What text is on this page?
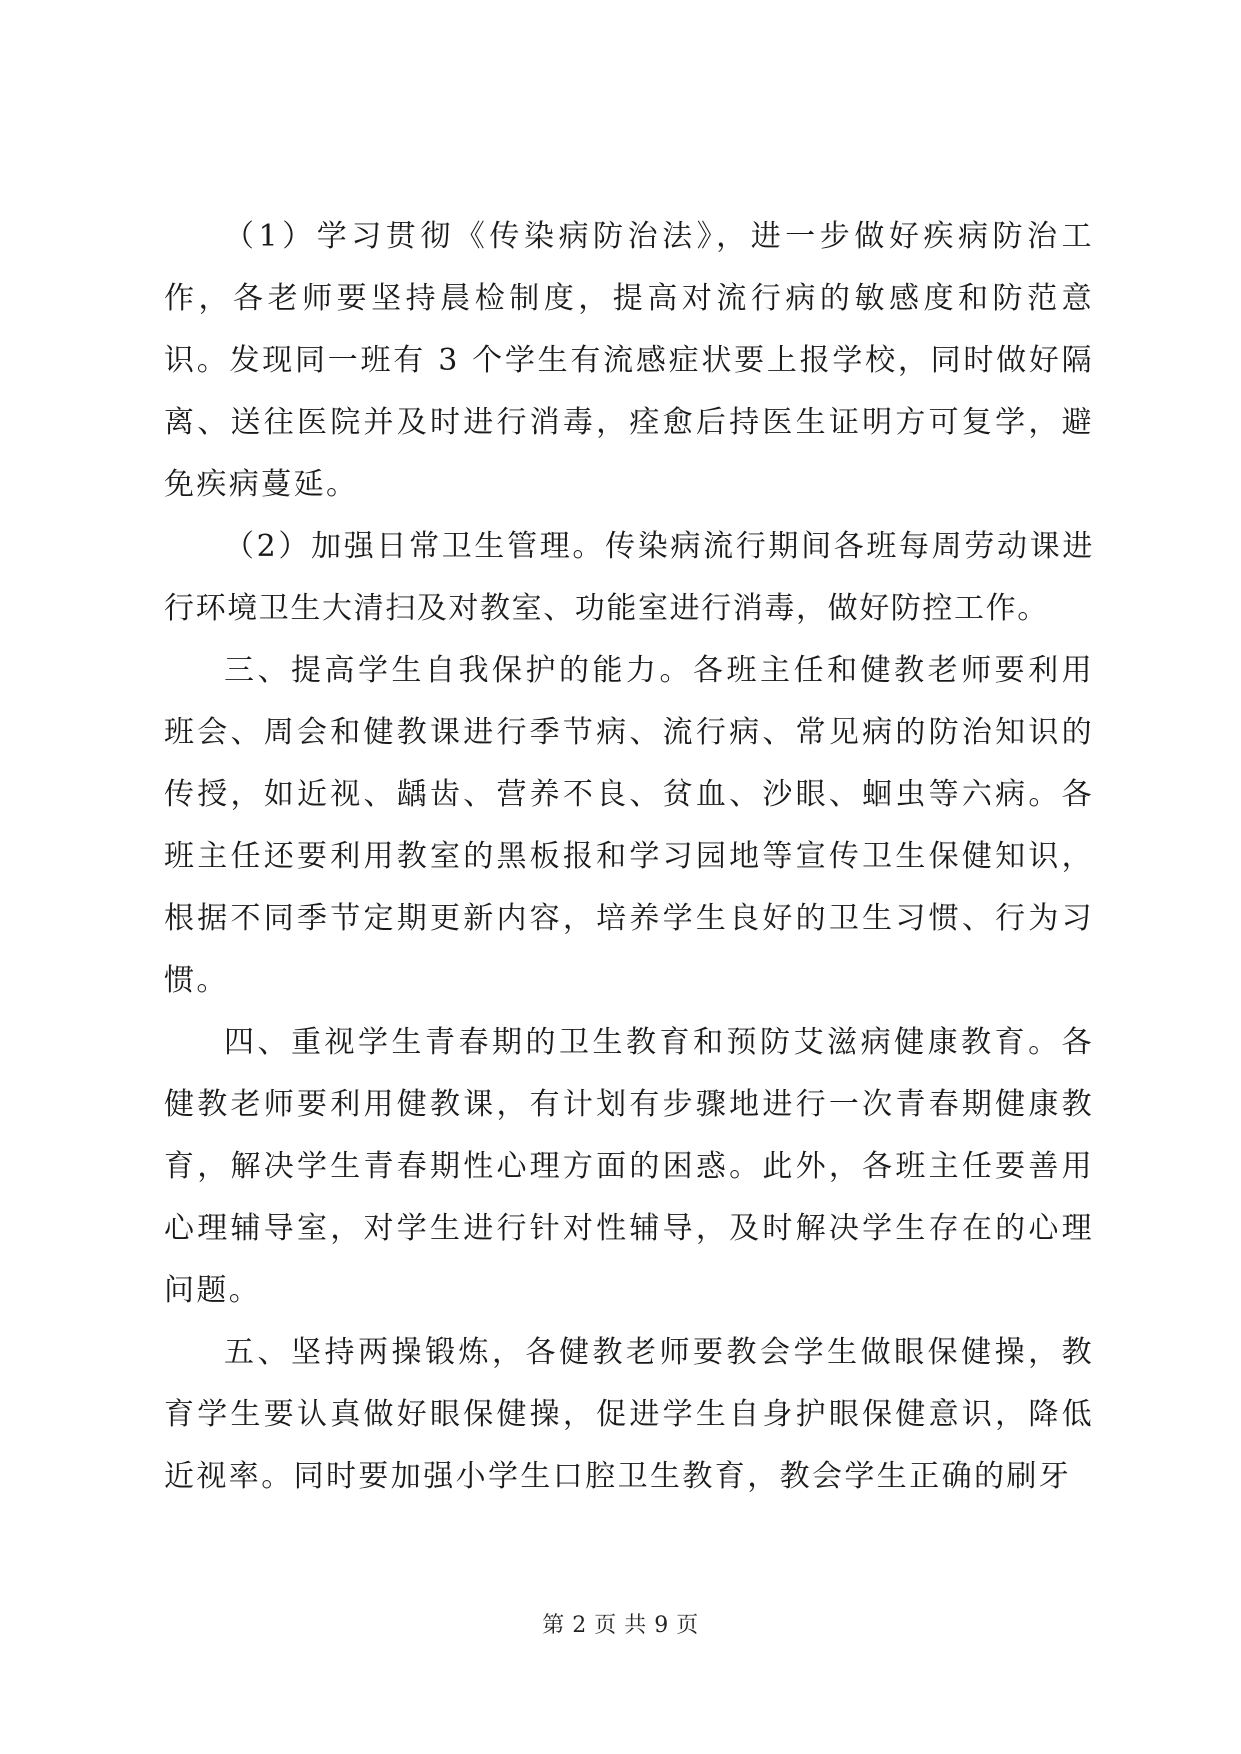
（1）学习贯彻《传染病防治法》，进一步做好疾病防治工作，各老师要坚持晨检制度，提高对流行病的敏感度和防范意识。发现同一班有 3 个学生有流感症状要上报学校，同时做好隔离、送往医院并及时进行消毒，痊愈后持医生证明方可复学，避免疾病蔓延。

（2）加强日常卫生管理。传染病流行期间各班每周劳动课进行环境卫生大清扫及对教室、功能室进行消毒，做好防控工作。

三、提高学生自我保护的能力。各班主任和健教老师要利用班会、周会和健教课进行季节病、流行病、常见病的防治知识的传授，如近视、龋齿、营养不良、贫血、沙眼、蛔虫等六病。各班主任还要利用教室的黑板报和学习园地等宣传卫生保健知识，根据不同季节定期更新内容，培养学生良好的卫生习惯、行为习惯。

四、重视学生青春期的卫生教育和预防艾滋病健康教育。各健教老师要利用健教课，有计划有步骤地进行一次青春期健康教育，解决学生青春期性心理方面的困惑。此外，各班主任要善用心理辅导室，对学生进行针对性辅导，及时解决学生存在的心理问题。

五、坚持两操锻炼，各健教老师要教会学生做眼保健操，教育学生要认真做好眼保健操，促进学生自身护眼保健意识，降低近视率。同时要加强小学生口腔卫生教育，教会学生正确的刷牙

第 2 页 共 9 页
